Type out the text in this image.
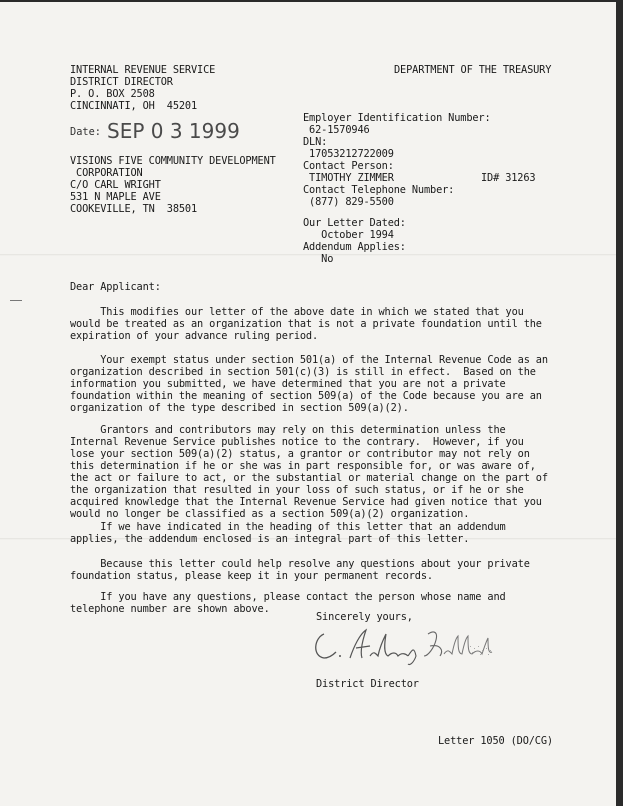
INTERNAL REVENUE SERVICE
DISTRICT DIRECTOR
P. O. BOX 2508
CINCINNATI, OH  45201
DEPARTMENT OF THE TREASURY
Date: SEP 0 3 1999
VISIONS FIVE COMMUNITY DEVELOPMENT
CORPORATION
C/O CARL WRIGHT
531 N MAPLE AVE
COOKEVILLE, TN  38501
Employer Identification Number:
62-1570946
DLN:
17053212722009
Contact Person:
TIMOTHY ZIMMER	ID# 31263
Contact Telephone Number:
(877) 829-5500
Our Letter Dated:
October 1994
Addendum Applies:
No
Dear Applicant:
This modifies our letter of the above date in which we stated that you
would be treated as an organization that is not a private foundation until the
expiration of your advance ruling period.
Your exempt status under section 501(a) of the Internal Revenue Code as an
organization described in section 501(c)(3) is still in effect.  Based on the
information you submitted, we have determined that you are not a private
foundation within the meaning of section 509(a) of the Code because you are an
organization of the type described in section 509(a)(2).
Grantors and contributors may rely on this determination unless the
Internal Revenue Service publishes notice to the contrary.  However, if you
lose your section 509(a)(2) status, a grantor or contributor may not rely on
this determination if he or she was in part responsible for, or was aware of,
the act or failure to act, or the substantial or material change on the part of
the organization that resulted in your loss of such status, or if he or she
acquired knowledge that the Internal Revenue Service had given notice that you
would no longer be classified as a section 509(a)(2) organization.
If we have indicated in the heading of this letter that an addendum
applies, the addendum enclosed is an integral part of this letter.
Because this letter could help resolve any questions about your private
foundation status, please keep it in your permanent records.
If you have any questions, please contact the person whose name and
telephone number are shown above.
Sincerely yours,
District Director
Letter 1050 (DO/CG)
